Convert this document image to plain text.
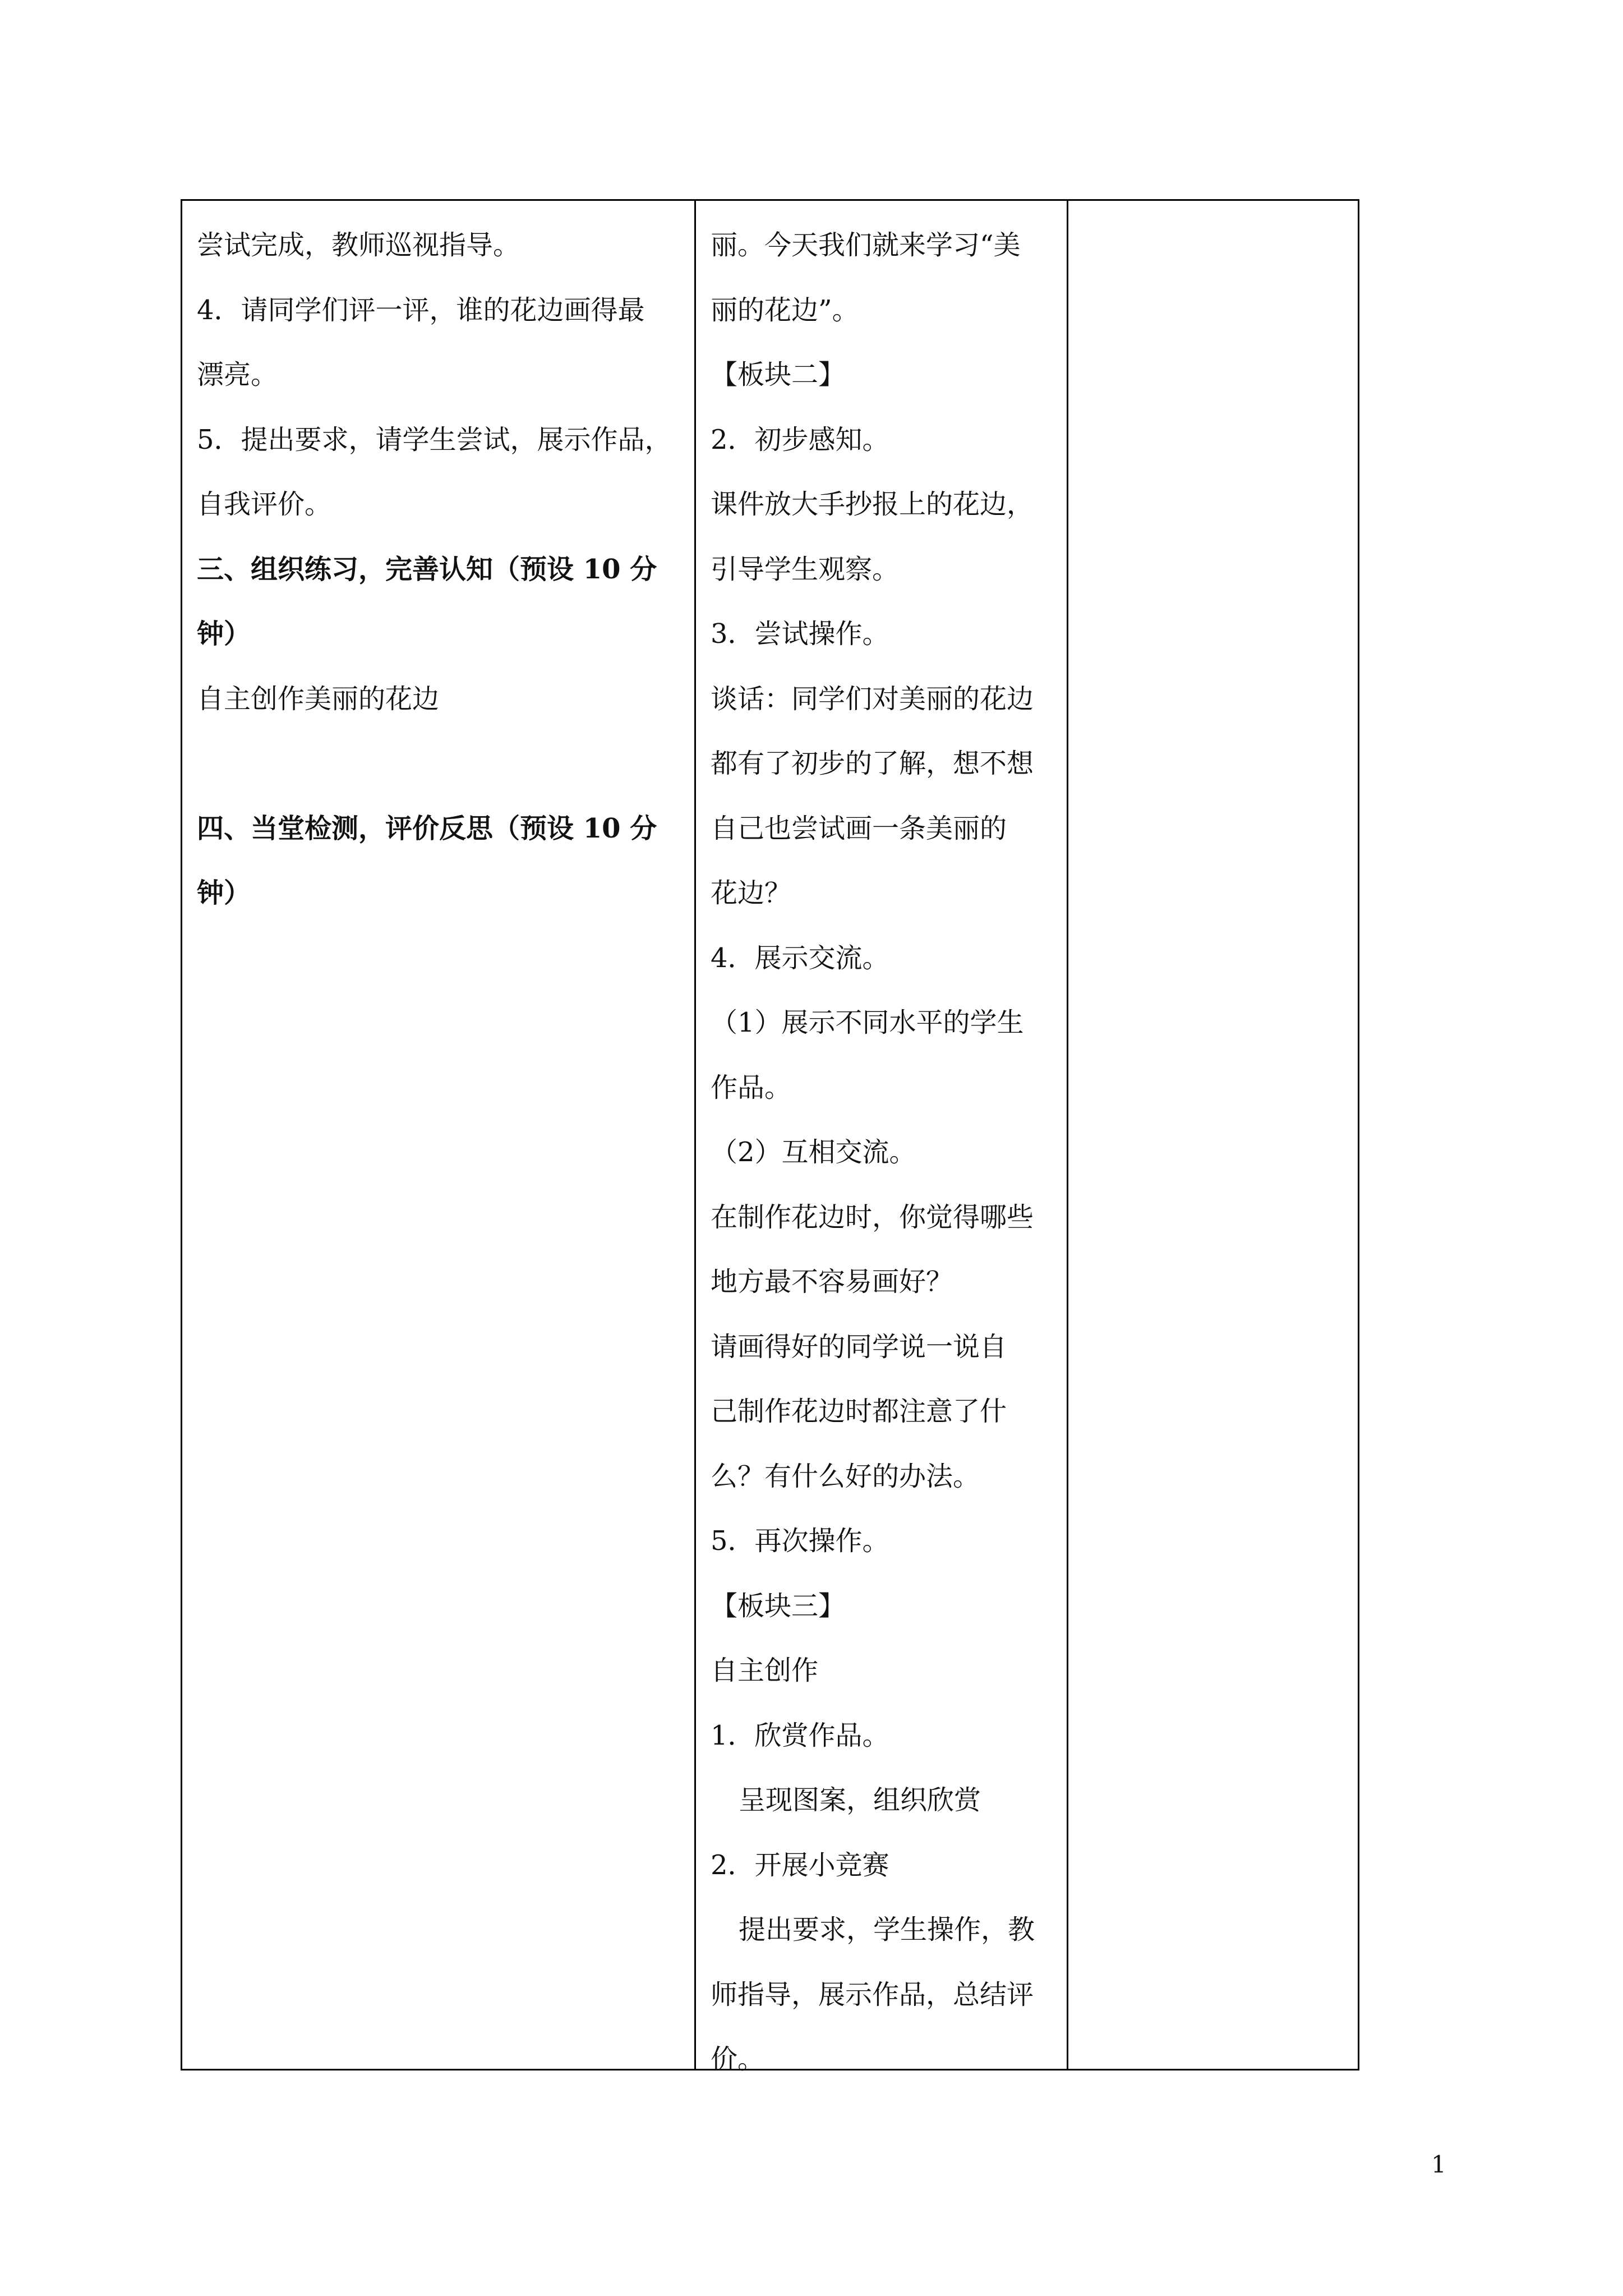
尝试完成，教师巡视指导。
4．请同学们评一评，谁的花边画得最
漂亮。
5．提出要求，请学生尝试，展示作品，
自我评价。
三、组织练习，完善认知（预设 10 分
钟）
自主创作美丽的花边
四、当堂检测，评价反思（预设 10 分
钟）
丽。今天我们就来学习“美
丽的花边”。
【板块二】
2．初步感知。
课件放大手抄报上的花边，
引导学生观察。
3．尝试操作。
谈话：同学们对美丽的花边
都有了初步的了解，想不想
自己也尝试画一条美丽的
花边？
4．展示交流。
（1）展示不同水平的学生
作品。
（2）互相交流。
在制作花边时，你觉得哪些
地方最不容易画好？
请画得好的同学说一说自
己制作花边时都注意了什
么？有什么好的办法。
5．再次操作。
【板块三】
自主创作
1．欣赏作品。
呈现图案，组织欣赏
2．开展小竞赛
提出要求，学生操作，教
师指导，展示作品，总结评
价。
1
